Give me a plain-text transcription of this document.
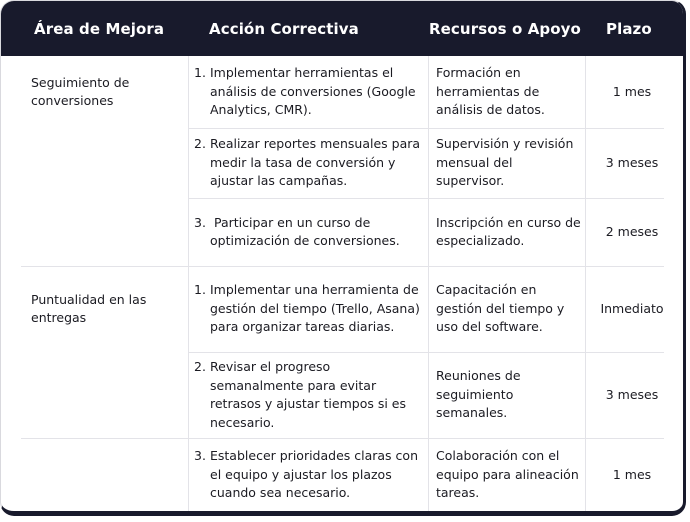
Área de Mejora	Acción Correctiva	Recursos o Apoyo Plazo
Seguimiento de conversiones
Puntualidad en las entregas
1. Implementar herramientas el análisis de conversiones (Google Analytics, CMR).
Formación en herramientas de análisis de datos.
1 mes
2. Realizar reportes mensuales para medir la tasa de conversión y ajustar las campañas.
Supervisión y revisión mensual del supervisor.
3 meses
3. Participar en un curso de optimización de conversiones.
Inscripción en curso de especializado.
2 meses
1. Implementar una herramienta de gestión del tiempo (Trello, Asana) para organizar tareas diarias.
Capacitación en gestión del tiempo y uso del software.
Inmediato
2. Revisar el progreso semanalmente para evitar retrasos y ajustar tiempos si es necesario.
Reuniones de seguimiento semanales.
3 meses
3. Establecer prioridades claras con el equipo y ajustar los plazos cuando sea necesario.
Colaboración con el equipo para alineación tareas.
1 mes
